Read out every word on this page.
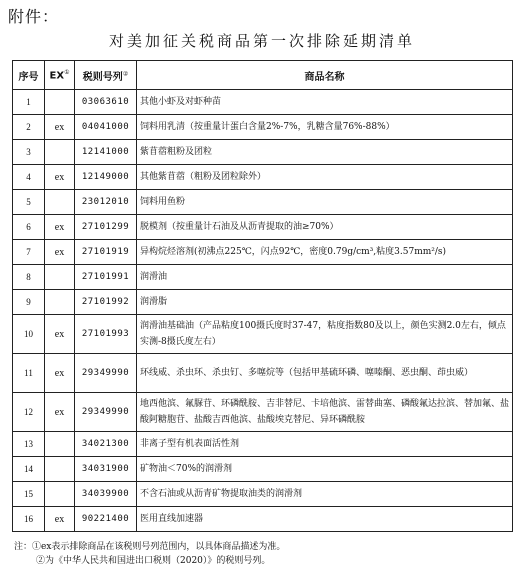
附件：
对美加征关税商品第一次排除延期清单
序号	EX①	税则号列②	商品名称
1		03063610	其他小虾及对虾种苗
2	ex	04041000	饲料用乳清（按重量计蛋白含量2%-7%，乳糖含量76%-88%）
3		12141000	紫苜蓿粗粉及团粒
4	ex	12149000	其他紫苜蓿（粗粉及团粒除外）
5		23012010	饲料用鱼粉
6	ex	27101299	脱模剂（按重量计石油及从沥青提取的油≥70%）
7	ex	27101919	异构烷烃溶剂(初沸点225℃，闪点92℃，密度0.79g/cm³,粘度3.57mm²/s)
8		27101991	润滑油
9		27101992	润滑脂
10	ex	27101993	润滑油基础油（产品粘度100摄氏度时37-47，粘度指数80及以上，颜色实测2.0左右，倾点实测-8摄氏度左右）
11	ex	29349990	环线威、杀虫环、杀虫钉、多噻烷等（包括甲基硫环磷、噻嗪酮、恶虫酮、茚虫威）
12	ex	29349990	地西他滨、氟脲苷、环磷酰胺、吉非替尼、卡培他滨、雷替曲塞、磷酸氟达拉滨、替加氟、盐酸阿糖胞苷、盐酸吉西他滨、盐酸埃克替尼、异环磷酰胺
13		34021300	非离子型有机表面活性剂
14		34031900	矿物油＜70%的润滑剂
15		34039900	不含石油或从沥青矿物提取油类的润滑剂
16	ex	90221400	医用直线加速器
注：①ex表示排除商品在该税则号列范围内，以具体商品描述为准。
②为《中华人民共和国进出口税则（2020）》的税则号列。
